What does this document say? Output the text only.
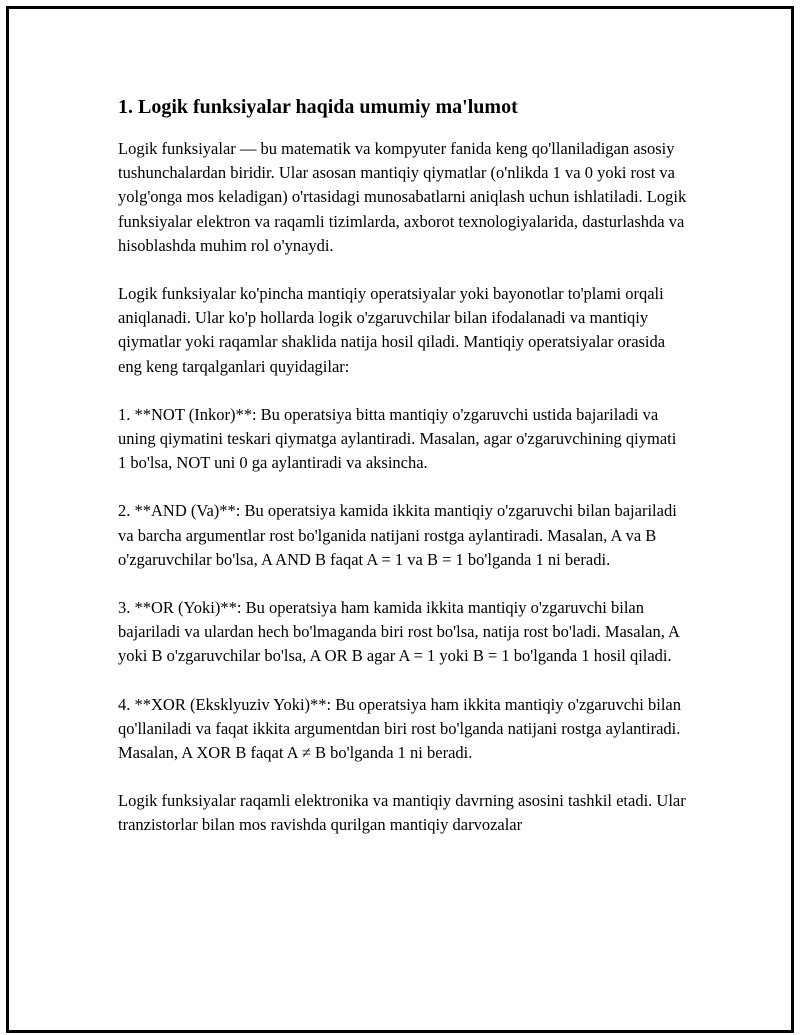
1. Logik funksiyalar haqida umumiy ma'lumot

Logik funksiyalar — bu matematik va kompyuter fanida keng qo'llaniladigan asosiy tushunchalardan biridir. Ular asosan mantiqiy qiymatlar (o'nlikda 1 va 0 yoki rost va yolg'onga mos keladigan) o'rtasidagi munosabatlarni aniqlash uchun ishlatiladi. Logik funksiyalar elektron va raqamli tizimlarda, axborot texnologiyalarida, dasturlashda va hisoblashda muhim rol o'ynaydi.

Logik funksiyalar ko'pincha mantiqiy operatsiyalar yoki bayonotlar to'plami orqali aniqlanadi. Ular ko'p hollarda logik o'zgaruvchilar bilan ifodalanadi va mantiqiy qiymatlar yoki raqamlar shaklida natija hosil qiladi. Mantiqiy operatsiyalar orasida eng keng tarqalganlari quyidagilar:

1. **NOT (Inkor)**: Bu operatsiya bitta mantiqiy o'zgaruvchi ustida bajariladi va uning qiymatini teskari qiymatga aylantiradi. Masalan, agar o'zgaruvchining qiymati 1 bo'lsa, NOT uni 0 ga aylantiradi va aksincha.

2. **AND (Va)**: Bu operatsiya kamida ikkita mantiqiy o'zgaruvchi bilan bajariladi va barcha argumentlar rost bo'lganida natijani rostga aylantiradi. Masalan, A va B o'zgaruvchilar bo'lsa, A AND B faqat A = 1 va B = 1 bo'lganda 1 ni beradi.

3. **OR (Yoki)**: Bu operatsiya ham kamida ikkita mantiqiy o'zgaruvchi bilan bajariladi va ulardan hech bo'lmaganda biri rost bo'lsa, natija rost bo'ladi. Masalan, A yoki B o'zgaruvchilar bo'lsa, A OR B agar A = 1 yoki B = 1 bo'lganda 1 hosil qiladi.

4. **XOR (Eksklyuziv Yoki)**: Bu operatsiya ham ikkita mantiqiy o'zgaruvchi bilan qo'llaniladi va faqat ikkita argumentdan biri rost bo'lganda natijani rostga aylantiradi. Masalan, A XOR B faqat A ≠ B bo'lganda 1 ni beradi.

Logik funksiyalar raqamli elektronika va mantiqiy davrning asosini tashkil etadi. Ular tranzistorlar bilan mos ravishda qurilgan mantiqiy darvozalar
